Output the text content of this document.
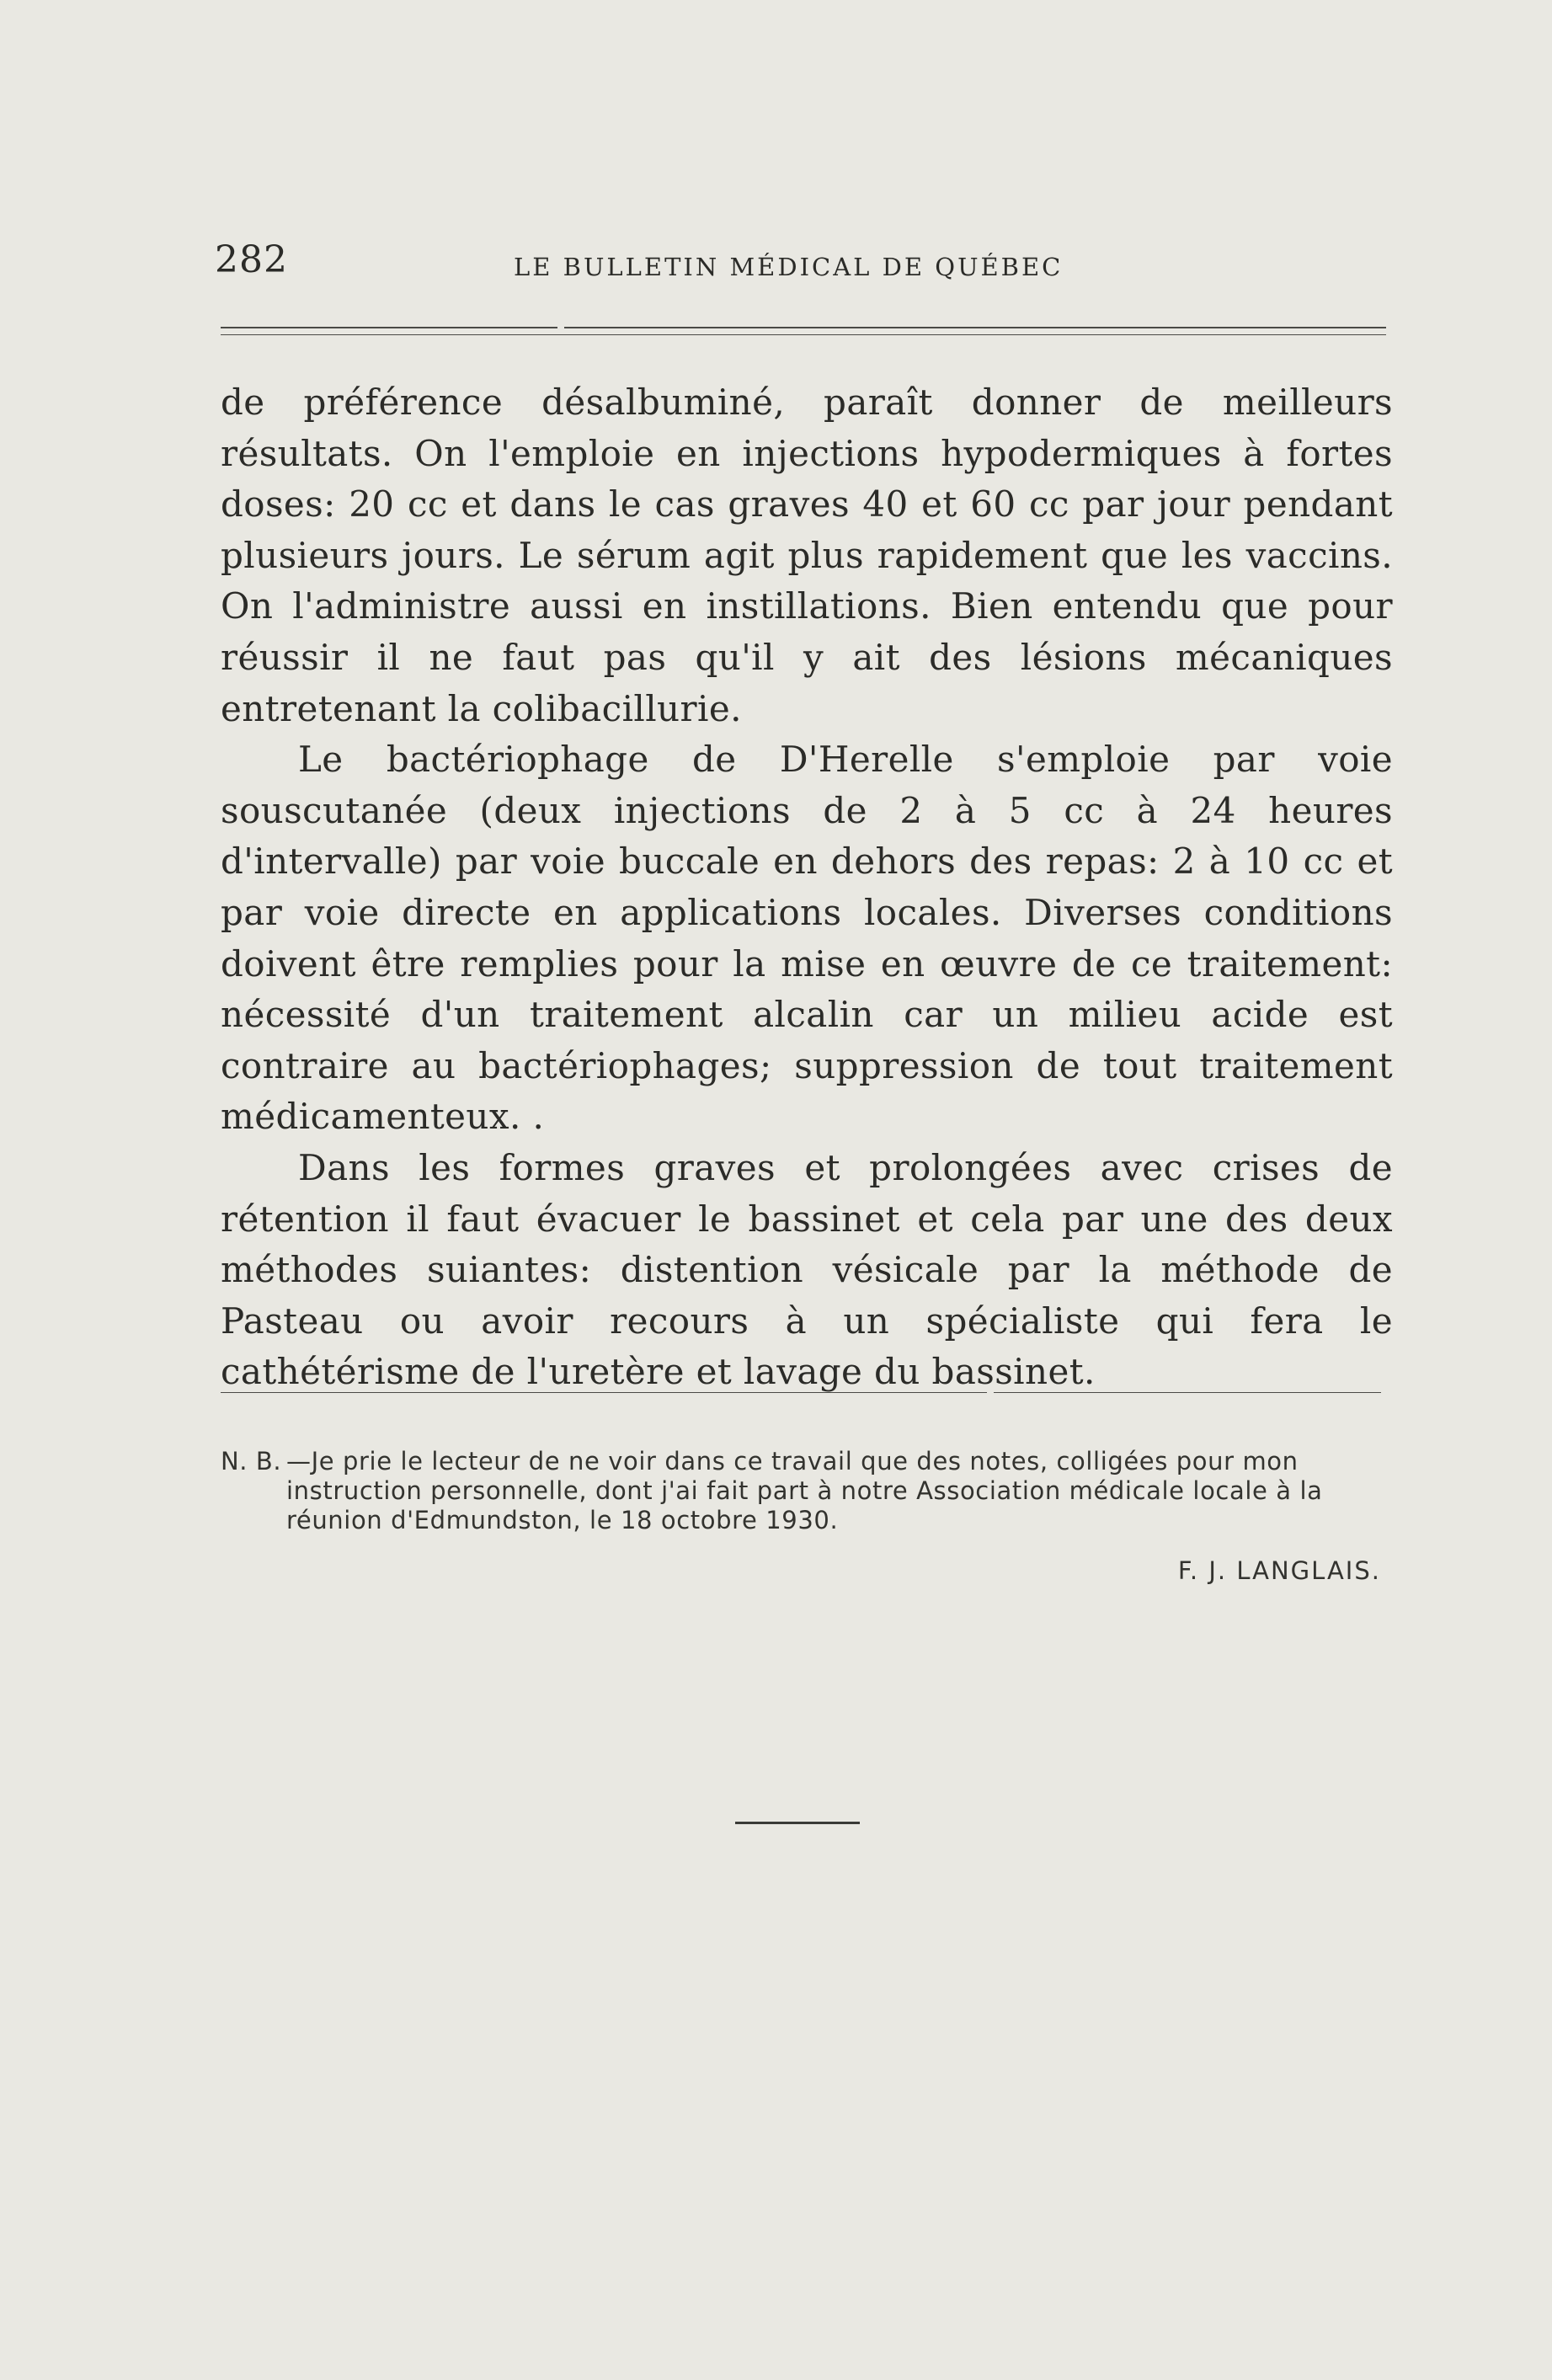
282	LE BULLETIN MÉDICAL DE QUÉBEC

de préférence désalbuminé, paraît donner de meilleurs résultats. On l'emploie en injections hypodermiques à fortes doses: 20 cc et dans le cas graves 40 et 60 cc par jour pendant plusieurs jours. Le sérum agit plus rapidement que les vaccins. On l'administre aussi en instillations. Bien entendu que pour réussir il ne faut pas qu'il y ait des lésions mécaniques entretenant la colibacillurie.

Le bactériophage de D'Herelle s'emploie par voie souscutanée (deux injections de 2 à 5 cc à 24 heures d'intervalle) par voie buccale en dehors des repas: 2 à 10 cc et par voie directe en applications locales. Diverses conditions doivent être remplies pour la mise en œuvre de ce traitement: nécessité d'un traitement alcalin car un milieu acide est contraire au bactériophages; suppression de tout traitement médicamenteux. .

Dans les formes graves et prolongées avec crises de rétention il faut évacuer le bassinet et cela par une des deux méthodes suiantes: distention vésicale par la méthode de Pasteau ou avoir recours à un spécialiste qui fera le cathétérisme de l'uretère et lavage du bassinet.

N. B. —Je prie le lecteur de ne voir dans ce travail que des notes, colligées pour mon instruction personnelle, dont j'ai fait part à notre Association médicale locale à la réunion d'Edmundston, le 18 octobre 1930.
F. J. LANGLAIS.
